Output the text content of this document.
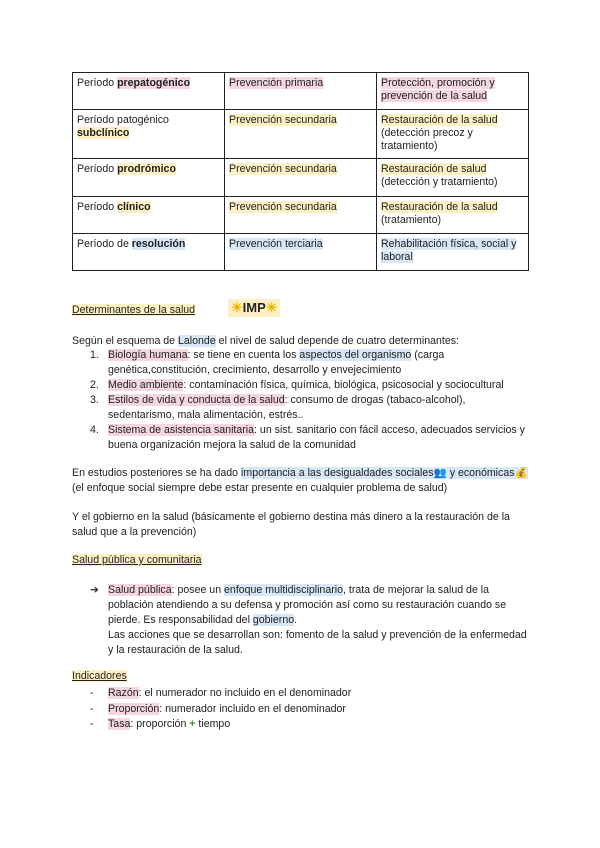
Período prepatogénico	Prevención primaria	Protección, promoción y prevención de la salud
Período patogénico subclínico	Prevención secundaria	Restauración de la salud (detección precoz y tratamiento)
Período prodrómico	Prevención secundaria	Restauración de salud (detección y tratamiento)
Período clínico	Prevención secundaria	Restauración de la salud (tratamiento)
Período de resolución	Prevención terciaria	Rehabilitación física, social y laboral
Determinantes de la salud	☀IMP☀
Según el esquema de Lalonde el nivel de salud depende de cuatro determinantes:
1. Biología humana: se tiene en cuenta los aspectos del organismo (carga genética,constitución, crecimiento, desarrollo y envejecimiento
2. Medio ambiente: contaminación física, química, biológica, psicosocial y sociocultural
3. Estilos de vida y conducta de la salud: consumo de drogas (tabaco-alcohol), sedentarismo, mala alimentación, estrés..
4. Sistema de asistencia sanitaria: un sist. sanitario con fácil acceso, adecuados servicios y buena organización mejora la salud de la comunidad
En estudios posteriores se ha dado importancia a las desigualdades sociales👥 y económicas💰 (el enfoque social siempre debe estar presente en cualquier problema de salud)
Y el gobierno en la salud (básicamente el gobierno destina más dinero a la restauración de la salud que a la prevención)
Salud pública y comunitaria
➔ Salud pública: posee un enfoque multidisciplinario, trata de mejorar la salud de la población atendiendo a su defensa y promoción así como su restauración cuando se pierde. Es responsabilidad del gobierno.
Las acciones que se desarrollan son: fomento de la salud y prevención de la enfermedad y la restauración de la salud.
Indicadores
- Razón: el numerador no incluido en el denominador
- Proporción: numerador incluido en el denominador
- Tasa: proporción + tiempo
